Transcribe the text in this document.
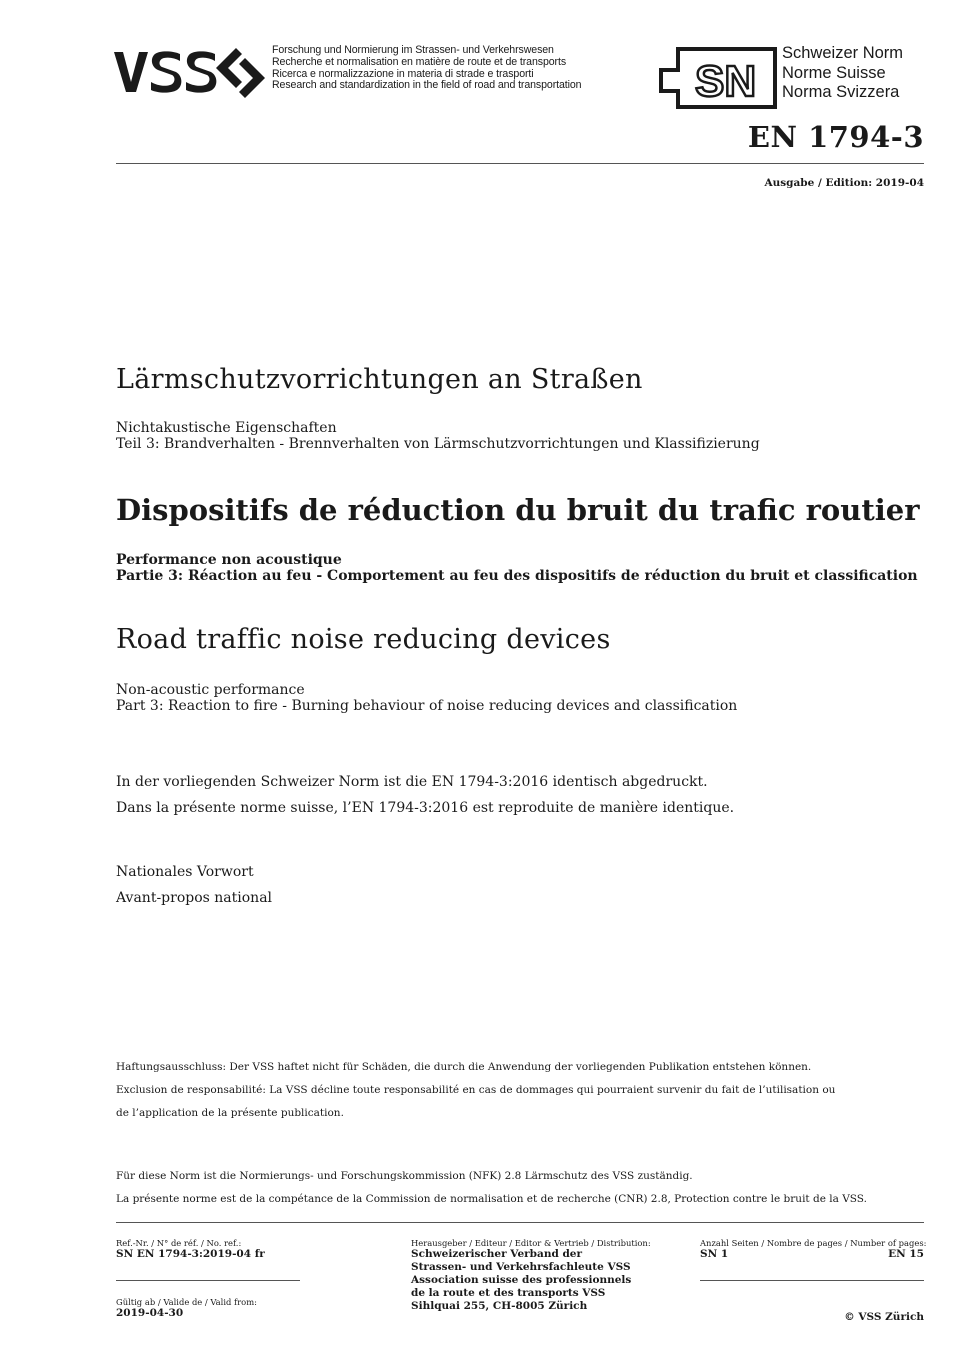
Forschung und Normierung im Strassen- und Verkehrswesen
Recherche et normalisation en matière de route et de transports
Ricerca e normalizzazione in materia di strade e trasporti
Research and standardization in the field of road and transportation	SN
Schweizer Norm
Norme Suisse
Norma Svizzera
EN 1794-3
Ausgabe / Edition: 2019-04
Lärmschutzvorrichtungen an Straßen
Nichtakustische Eigenschaften
Teil 3: Brandverhalten - Brennverhalten von Lärmschutzvorrichtungen und Klassifizierung
Dispositifs de réduction du bruit du trafic routier
Performance non acoustique
Partie 3: Réaction au feu - Comportement au feu des dispositifs de réduction du bruit et classification
Road traffic noise reducing devices
Non-acoustic performance
Part 3: Reaction to fire - Burning behaviour of noise reducing devices and classification
In der vorliegenden Schweizer Norm ist die EN 1794-3:2016 identisch abgedruckt.
Dans la présente norme suisse, l’EN 1794-3:2016 est reproduite de manière identique.
Nationales Vorwort
Avant-propos national
Haftungsausschluss: Der VSS haftet nicht für Schäden, die durch die Anwendung der vorliegenden Publikation entstehen können.
Exclusion de responsabilité: La VSS décline toute responsabilité en cas de dommages qui pourraient survenir du fait de l’utilisation ou
de l’application de la présente publication.
Für diese Norm ist die Normierungs- und Forschungskommission (NFK) 2.8 Lärmschutz des VSS zuständig.
La présente norme est de la compétance de la Commission de normalisation et de recherche (CNR) 2.8, Protection contre le bruit de la VSS.
Ref.-Nr. / N° de réf. / No. ref.:
SN EN 1794-3:2019-04 fr
Gültig ab / Valide de / Valid from:
2019-04-30
Herausgeber / Editeur / Editor & Vertrieb / Distribution:
Schweizerischer Verband der
Strassen- und Verkehrsfachleute VSS
Association suisse des professionnels
de la route et des transports VSS
Sihlquai 255, CH-8005 Zürich
Anzahl Seiten / Nombre de pages / Number of pages:
SN 1	EN 15
© VSS Zürich
